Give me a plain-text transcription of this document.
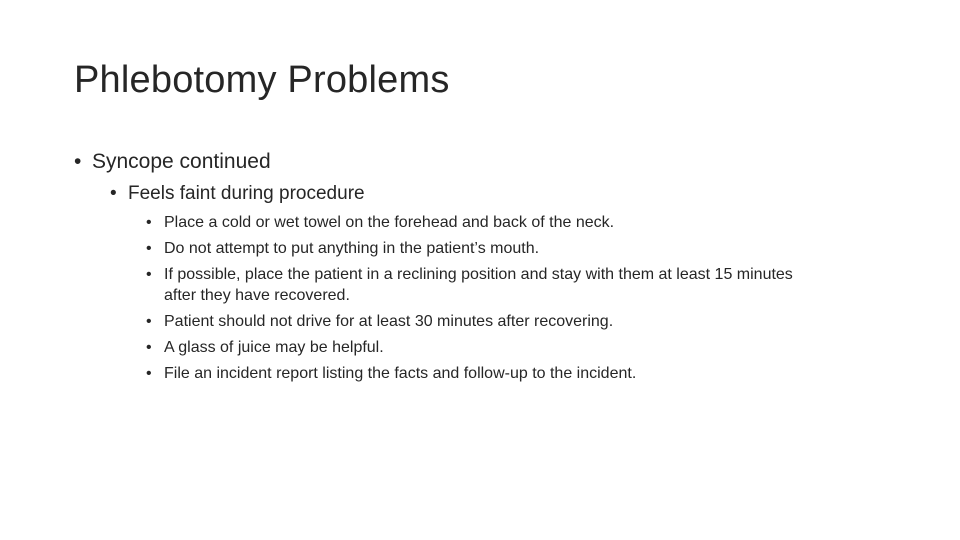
Phlebotomy Problems
• Syncope continued
• Feels faint during procedure
• Place a cold or wet towel on the forehead and back of the neck.
• Do not attempt to put anything in the patient’s mouth.
• If possible, place the patient in a reclining position and stay with them at least 15 minutes after they have recovered.
• Patient should not drive for at least 30 minutes after recovering.
• A glass of juice may be helpful.
• File an incident report listing the facts and follow-up to the incident.
